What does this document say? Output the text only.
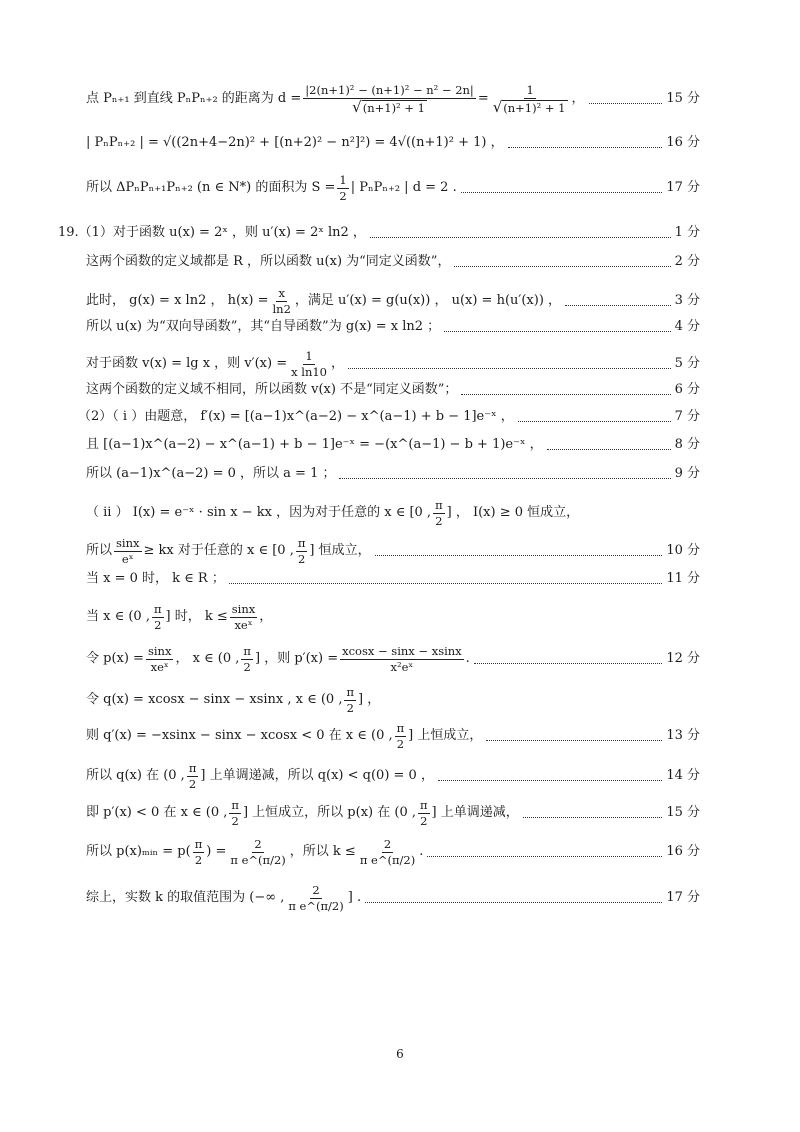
点 P ₙ₊₁ 到直线 PₙPₙ₊₂ 的距离为 $d = \frac{\text{|2(n+1)² − (n+1)² − n² − 2n|}}{\text{√ (n+1)² + 1}} = \frac{1}{\text{√ (n+1)² + 1}}$ ，	15 分
| PₙPₙ₊₂ | = √((2n+4−2n)² + [(n+2)² − n²]²) = 4√((n+1)² + 1) ，	16 分
所以 ΔPₙPₙ₊₁Pₙ₊₂ (n ∈ N*) 的面积为 $S = \frac{1}{2}$ | PₙPₙ₊₂ | d = 2 .	17 分
19.（1）对于函数 u(x) = 2ˣ ，则 u′(x) = 2ˣ ln2 ，	1 分
这两个函数的定义域都是 R ，所以函数 u(x) 为“同定义函数”，	2 分
此时， g(x) = x ln2 ， $h(x) = \frac{x}{\ln 2}$ ，满足 u′(x) = g(u(x)) ， u(x) = h(u′(x)) ，	3 分
所以 u(x) 为“双向导函数”，其“自导函数”为 g(x) = x ln2 ；	4 分
对于函数 v(x) = lg x ，则 $v'(x) = \frac{1}{\text{x ln10}}$ ，	5 分
这两个函数的定义域不相同，所以函数 v(x) 不是“同定义函数”；	6 分
（2）（ i ）由题意， f′(x) = [(a−1)x^(a−2) − x^(a−1) + b − 1]e⁻ˣ ，	7 分
且 [(a−1)x^(a−2) − x^(a−1) + b − 1]e⁻ˣ = −(x^(a−1) − b + 1)e⁻ˣ ，	8 分
所以 (a−1)x^(a−2) = 0 ，所以 a = 1 ；	9 分
（ ii ） I(x) = e⁻ˣ · sin x − kx ，因为对于任意的 x ∈ [0 , $\frac{\pi}{2}$ ] ， I(x) ≥ 0 恒成立，
所以 $\frac{\sin x}{\text{eˣ}}$ ≥ kx 对于任意的 x ∈ [0 , $\frac{\pi}{2}$ ] 恒成立，	10 分
当 x = 0 时， k ∈ R ；	11 分
当 x ∈ (0 , $\frac{\pi}{2}$ ] 时， $k \le \frac{\sin x}{\text{xeˣ}}$ ，
令 $p(x) = \frac{\sin x}{\text{xeˣ}}$ ， x ∈ (0 , $\frac{\pi}{2}$ ] ，则 $p'(x) = \frac{xcosx - \sin x - xsinx}{\text{x²eˣ}}$ .	12 分
令 q(x) = xcosx − sinx − xsinx , x ∈ (0 , $\frac{\pi}{2}$ ] ，
则 q′(x) = −xsinx − sinx − xcosx < 0 在 x ∈ (0 , $\frac{\pi}{2}$ ] 上恒成立，	13 分
所以 q(x) 在 (0 , $\frac{\pi}{2}$ ] 上单调递减，所以 q(x) < q(0) = 0 ，	14 分
即 p′(x) < 0 在 x ∈ (0 , $\frac{\pi}{2}$ ] 上恒成立，所以 p(x) 在 (0 , $\frac{\pi}{2}$ ] 上单调递减，	15 分
所以 p(x)ₘᵢₙ = $p( \frac{\pi}{2}$ ) = $\frac{2}{\text{π e\textasciicircum{}(π/2)}}$ ，所以 $k \le \frac{2}{\text{π e\textasciicircum{}(π/2)}}$ .	16 分
综上，实数 k 的取值范围为 (−∞ , $\frac{2}{\text{π e\textasciicircum{}(π/2)}}$ ] .	17 分
6
